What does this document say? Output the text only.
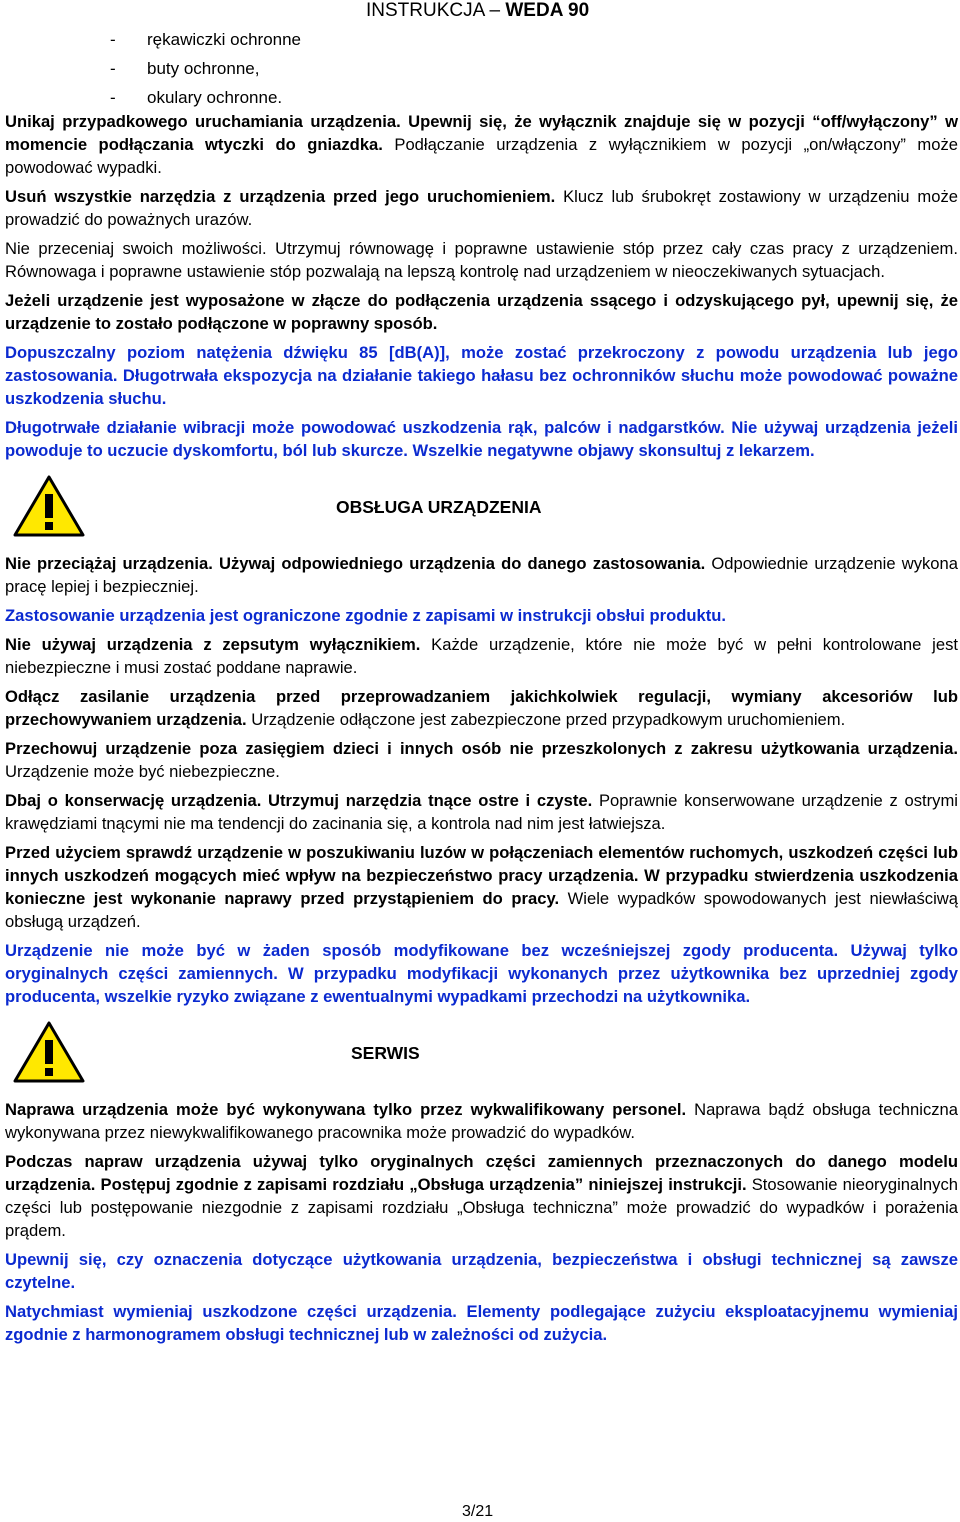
INSTRUKCJA – WEDA 90
- rękawiczki ochronne
- buty ochronne,
- okulary ochronne.

Unikaj przypadkowego uruchamiania urządzenia. Upewnij się, że wyłącznik znajduje się w pozycji “off/wyłączony” w momencie podłączania wtyczki do gniazdka. Podłączanie urządzenia z wyłącznikiem w pozycji „on/włączony” może powodować wypadki.

Usuń wszystkie narzędzia z urządzenia przed jego uruchomieniem. Klucz lub śrubokręt zostawiony w urządzeniu może prowadzić do poważnych urazów.

Nie przeceniaj swoich możliwości. Utrzymuj równowagę i poprawne ustawienie stóp przez cały czas pracy z urządzeniem. Równowaga i poprawne ustawienie stóp pozwalają na lepszą kontrolę nad urządzeniem w nieoczekiwanych sytuacjach.

Jeżeli urządzenie jest wyposażone w złącze do podłączenia urządzenia ssącego i odzyskującego pył, upewnij się, że urządzenie to zostało podłączone w poprawny sposób.

Dopuszczalny poziom natężenia dźwięku 85 [dB(A)], może zostać przekroczony z powodu urządzenia lub jego zastosowania. Długotrwała ekspozycja na działanie takiego hałasu bez ochronników słuchu może powodować poważne uszkodzenia słuchu.

Długotrwałe działanie wibracji może powodować uszkodzenia rąk, palców i nadgarstków. Nie używaj urządzenia jeżeli powoduje to uczucie dyskomfortu, ból lub skurcze. Wszelkie negatywne objawy skonsultuj z lekarzem.

OBSŁUGA URZĄDZENIA

Nie przeciążaj urządzenia. Używaj odpowiedniego urządzenia do danego zastosowania. Odpowiednie urządzenie wykona pracę lepiej i bezpieczniej.

Zastosowanie urządzenia jest ograniczone zgodnie z zapisami w instrukcji obsłui produktu.

Nie używaj urządzenia z zepsutym wyłącznikiem. Każde urządzenie, które nie może być w pełni kontrolowane jest niebezpieczne i musi zostać poddane naprawie.

Odłącz zasilanie urządzenia przed przeprowadzaniem jakichkolwiek regulacji, wymiany akcesoriów lub przechowywaniem urządzenia. Urządzenie odłączone jest zabezpieczone przed przypadkowym uruchomieniem.

Przechowuj urządzenie poza zasięgiem dzieci i innych osób nie przeszkolonych z zakresu użytkowania urządzenia. Urządzenie może być niebezpieczne.

Dbaj o konserwację urządzenia. Utrzymuj narzędzia tnące ostre i czyste. Poprawnie konserwowane urządzenie z ostrymi krawędziami tnącymi nie ma tendencji do zacinania się, a kontrola nad nim jest łatwiejsza.

Przed użyciem sprawdź urządzenie w poszukiwaniu luzów w połączeniach elementów ruchomych, uszkodzeń części lub innych uszkodzeń mogących mieć wpływ na bezpieczeństwo pracy urządzenia. W przypadku stwierdzenia uszkodzenia konieczne jest wykonanie naprawy przed przystąpieniem do pracy. Wiele wypadków spowodowanych jest niewłaściwą obsługą urządzeń.

Urządzenie nie może być w żaden sposób modyfikowane bez wcześniejszej zgody producenta. Używaj tylko oryginalnych części zamiennych. W przypadku modyfikacji wykonanych przez użytkownika bez uprzedniej zgody producenta, wszelkie ryzyko związane z ewentualnymi wypadkami przechodzi na użytkownika.

SERWIS

Naprawa urządzenia może być wykonywana tylko przez wykwalifikowany personel. Naprawa bądź obsługa techniczna wykonywana przez niewykwalifikowanego pracownika może prowadzić do wypadków.

Podczas napraw urządzenia używaj tylko oryginalnych części zamiennych przeznaczonych do danego modelu urządzenia. Postępuj zgodnie z zapisami rozdziału „Obsługa urządzenia” niniejszej instrukcji. Stosowanie nieoryginalnych części lub postępowanie niezgodnie z zapisami rozdziału „Obsługa techniczna” może prowadzić do wypadków i porażenia prądem.

Upewnij się, czy oznaczenia dotyczące użytkowania urządzenia, bezpieczeństwa i obsługi technicznej są zawsze czytelne.

Natychmiast wymieniaj uszkodzone części urządzenia. Elementy podlegające zużyciu eksploatacyjnemu wymieniaj zgodnie z harmonogramem obsługi technicznej lub w zależności od zużycia.

3/21
